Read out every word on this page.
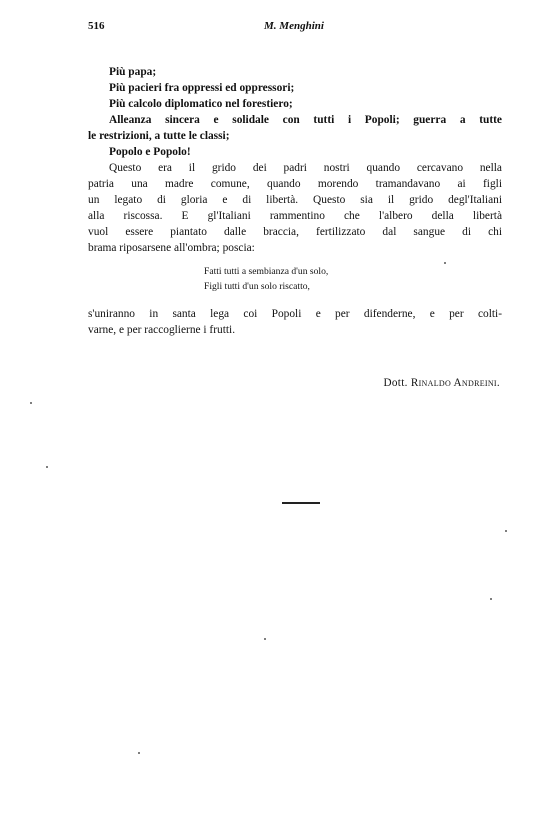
516	M. Menghini
Più papa;
Più pacieri fra oppressi ed oppressori;
Più calcolo diplomatico nel forestiero;
Alleanza sincera e solidale con tutti i Popoli; guerra a tutte
le restrizioni, a tutte le classi;
Popolo e Popolo!
Questo era il grido dei padri nostri quando cercavano nella
patria una madre comune, quando morendo tramandavano ai figli
un legato di gloria e di libertà. Questo sia il grido degl'Italiani
alla riscossa. E gl'Italiani rammentino che l'albero della libertà
vuol essere piantato dalle braccia, fertilizzato dal sangue di chi
brama riposarsene all'ombra; poscia:
Fatti tutti a sembianza d'un solo,
Figli tutti d'un solo riscatto,
s'uniranno in santa lega coi Popoli e per difenderne, e per colti-
varne, e per raccoglierne i frutti.
Dott. Rinaldo Andreini.
